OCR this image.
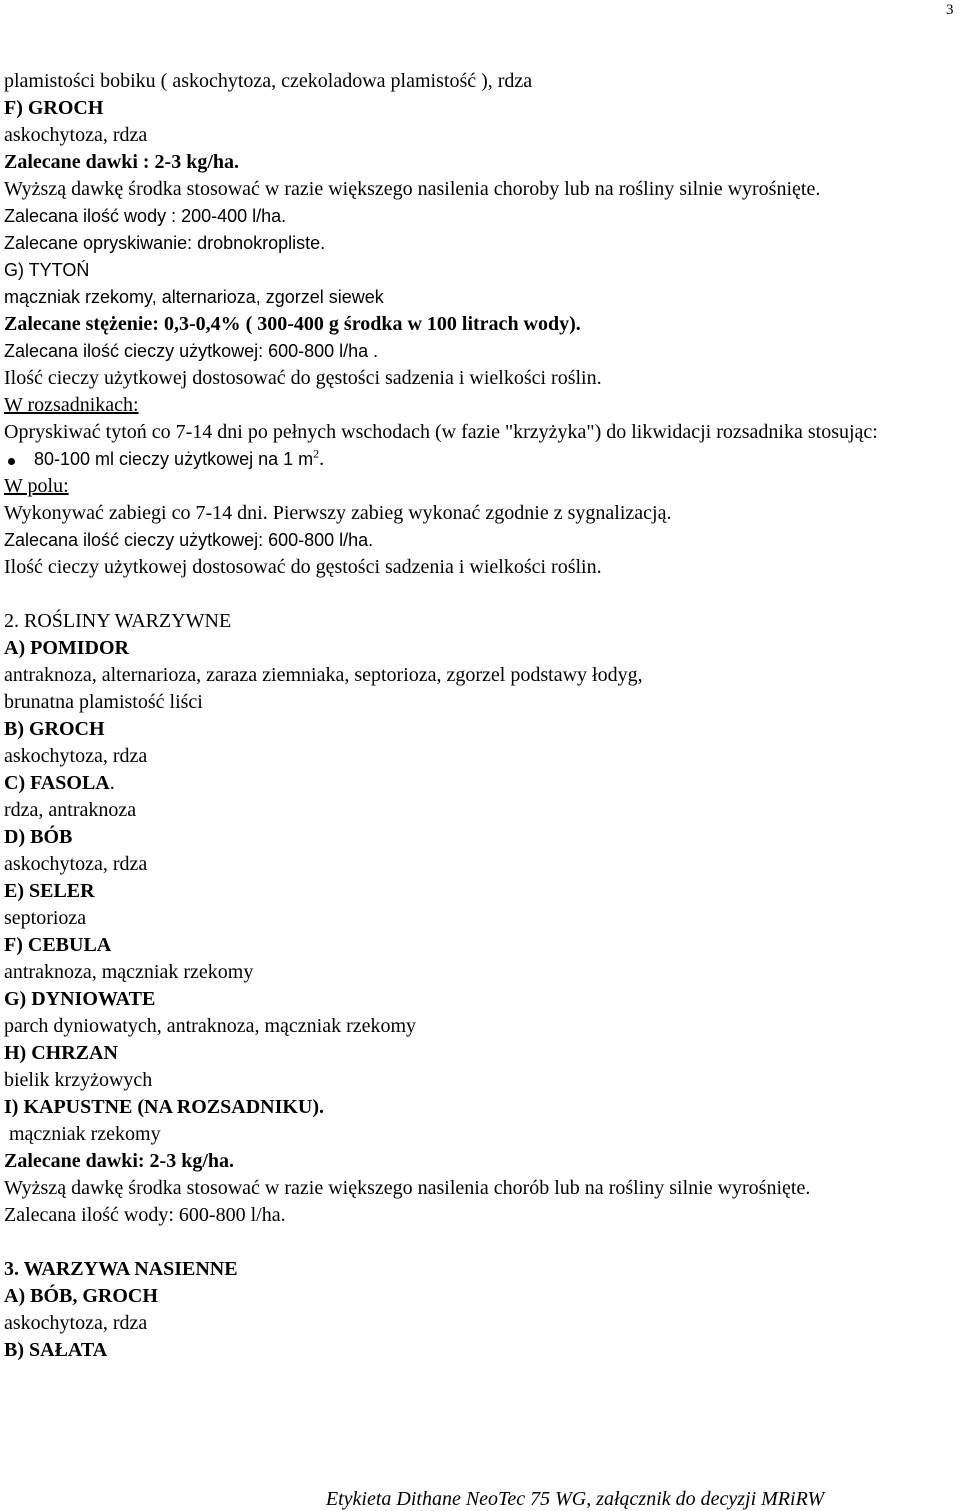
3
plamistości bobiku ( askochytoza, czekoladowa plamistość ), rdza
F) GROCH
askochytoza, rdza
Zalecane dawki : 2-3 kg/ha.
Wyższą dawkę środka stosować w razie większego nasilenia choroby lub na rośliny silnie wyrośnięte.
Zalecana ilość wody : 200-400 l/ha.
Zalecane opryskiwanie: drobnokropliste.
G) TYTOŃ
mączniak rzekomy, alternarioza, zgorzel siewek
Zalecane stężenie: 0,3-0,4% ( 300-400 g środka w 100 litrach wody).
Zalecana ilość cieczy użytkowej: 600-800 l/ha .
Ilość cieczy użytkowej dostosować do gęstości sadzenia i wielkości roślin.
W rozsadnikach:
Opryskiwać tytoń co 7-14 dni po pełnych wschodach (w fazie "krzyżyka") do likwidacji rozsadnika stosując:
80-100 ml cieczy użytkowej na 1 $m^2$.
W polu:
Wykonywać zabiegi co 7-14 dni. Pierwszy zabieg wykonać zgodnie z sygnalizacją.
Zalecana ilość cieczy użytkowej: 600-800 l/ha.
Ilość cieczy użytkowej dostosować do gęstości sadzenia i wielkości roślin.
2. ROŚLINY WARZYWNE
A) POMIDOR
antraknoza, alternarioza, zaraza ziemniaka, septorioza, zgorzel podstawy łodyg,
brunatna plamistość liści
B) GROCH
askochytoza, rdza
C) FASOLA.
rdza, antraknoza
D) BÓB
askochytoza, rdza
E) SELER
septorioza
F) CEBULA
antraknoza, mączniak rzekomy
G) DYNIOWATE
parch dyniowatych, antraknoza, mączniak rzekomy
H) CHRZAN
bielik krzyżowych
I) KAPUSTNE (NA ROZSADNIKU).
mączniak rzekomy
Zalecane dawki: 2-3 kg/ha.
Wyższą dawkę środka stosować w razie większego nasilenia chorób lub na rośliny silnie wyrośnięte.
Zalecana ilość wody: 600-800 l/ha.
3. WARZYWA NASIENNE
A) BÓB, GROCH
askochytoza, rdza
B) SAŁATA
Etykieta Dithane NeoTec 75 WG, załącznik do decyzji MRiRW
